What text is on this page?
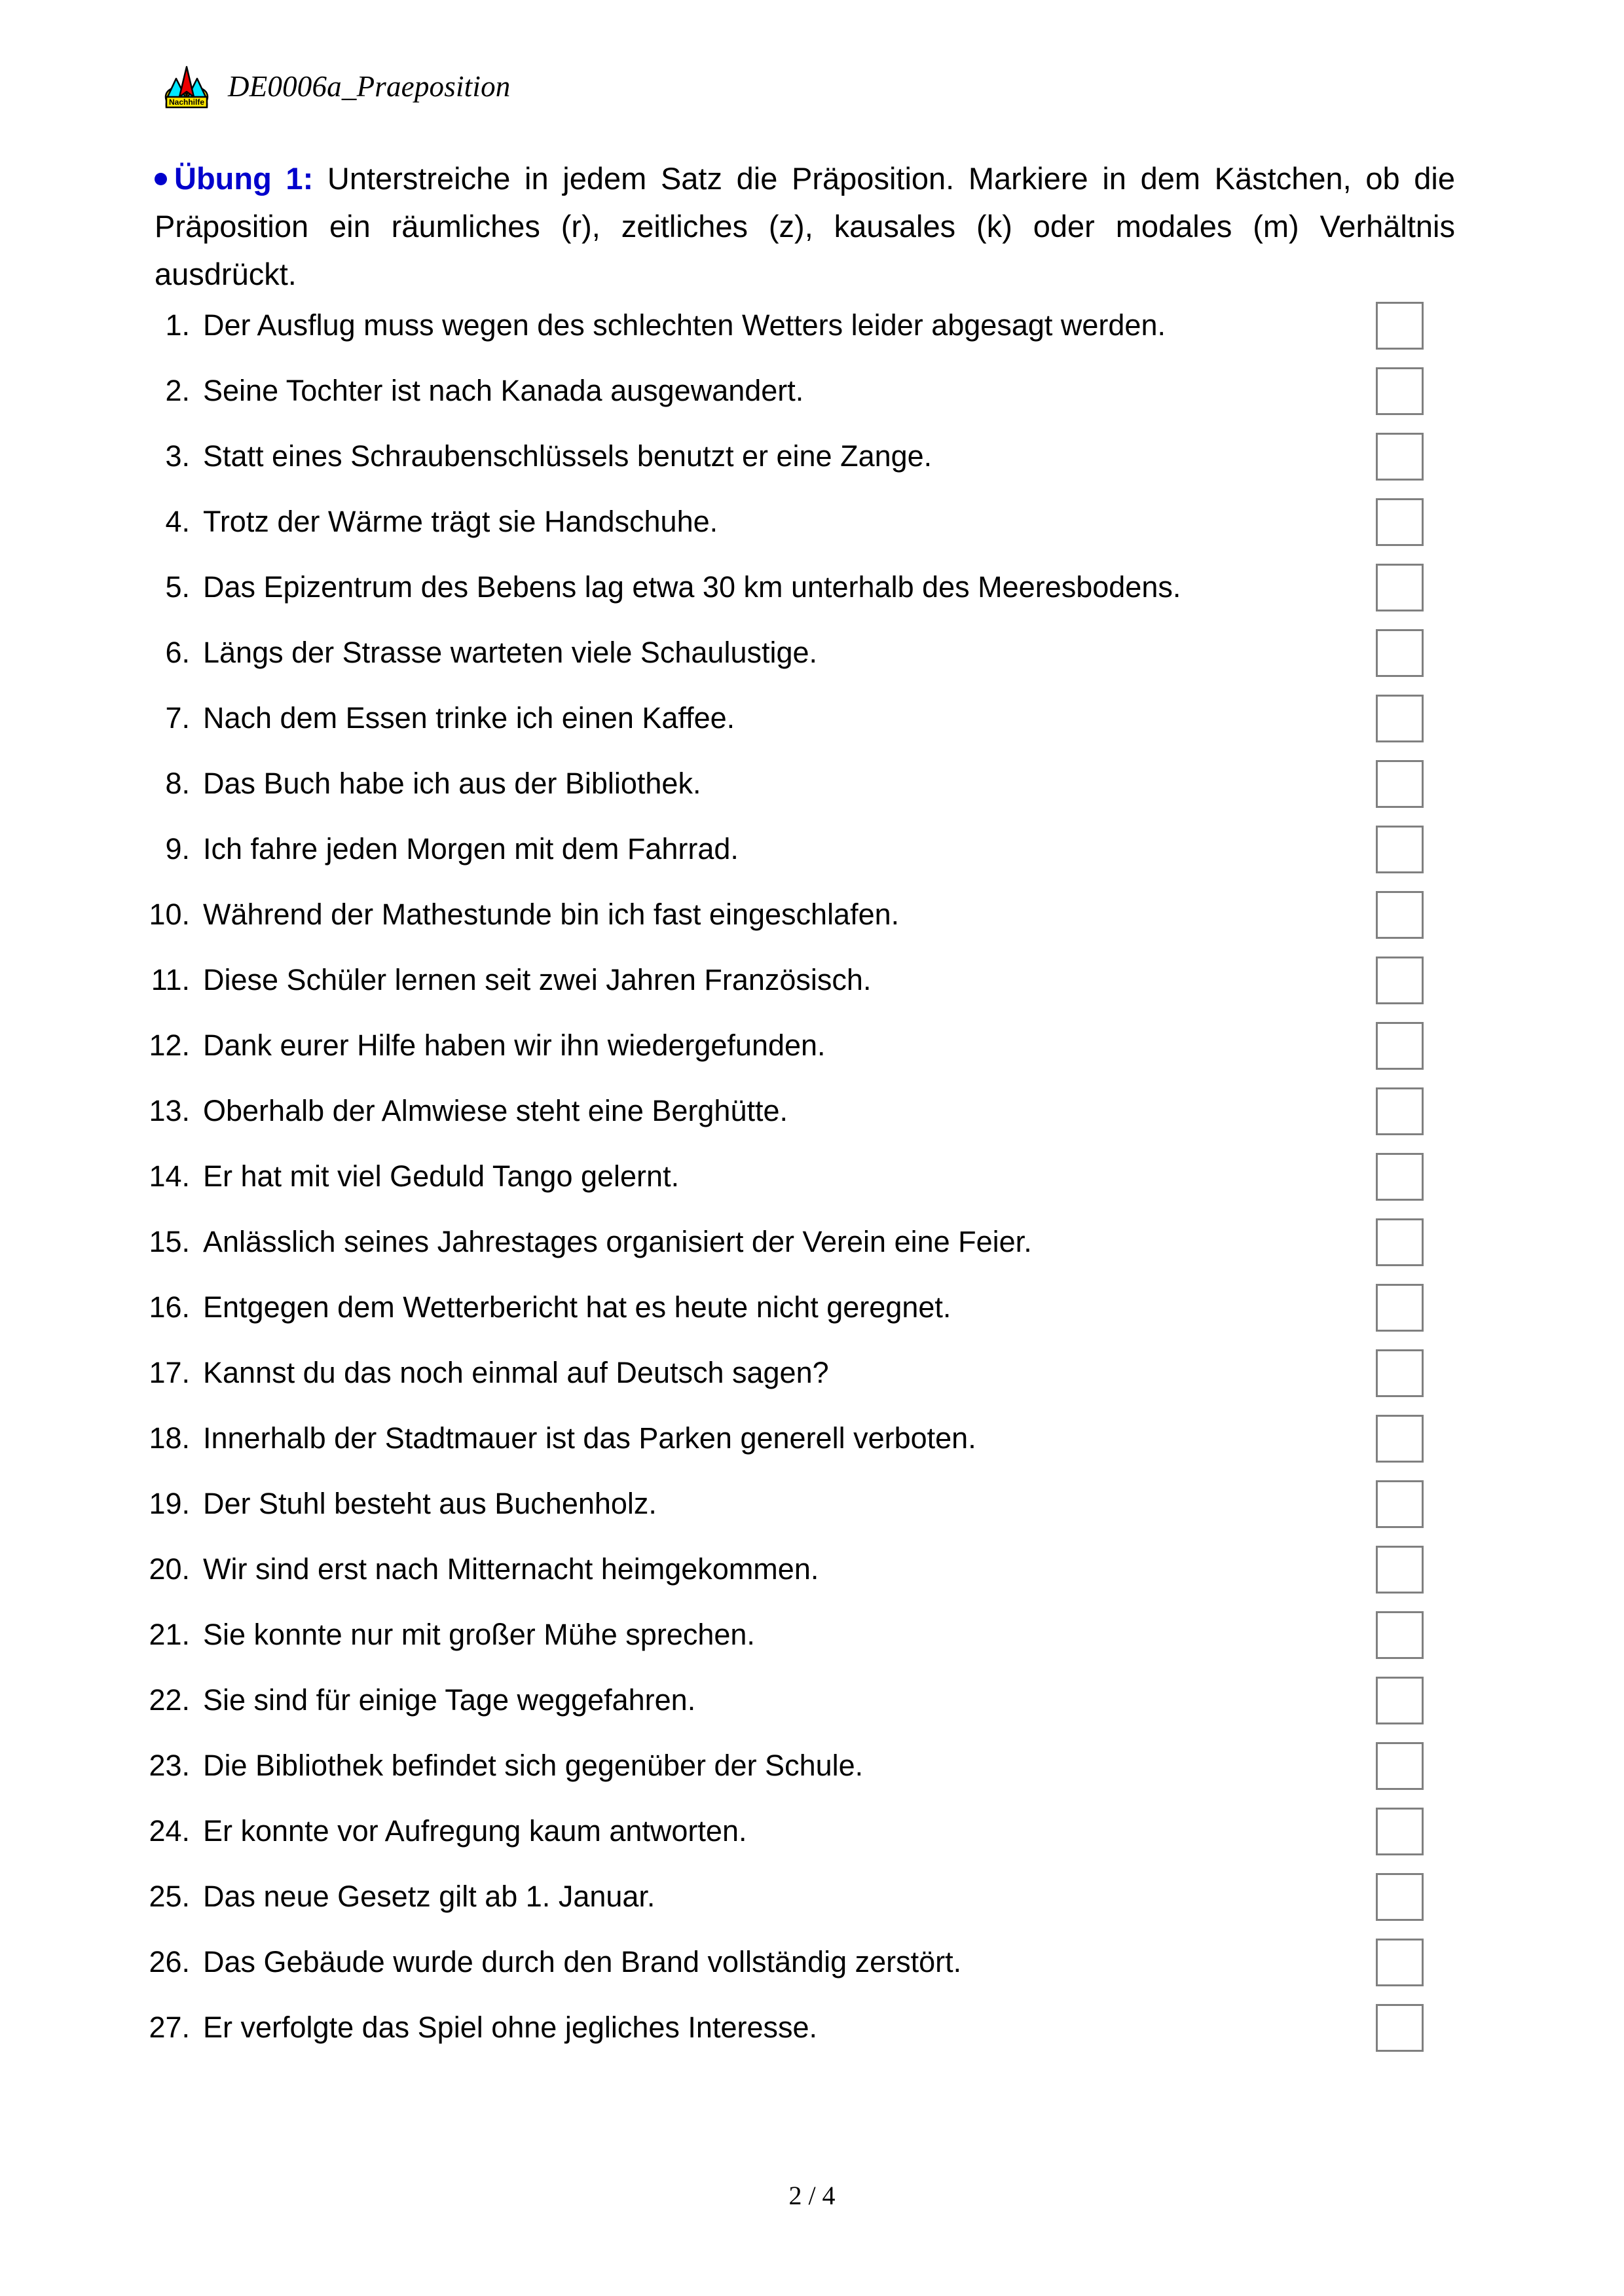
Nachhilfe DE0006a_Praeposition
Übung 1: Unterstreiche in jedem Satz die Präposition. Markiere in dem Kästchen, ob die Präposition ein räumliches (r), zeitliches (z), kausales (k) oder modales (m) Verhältnis ausdrückt.
1. Der Ausflug muss wegen des schlechten Wetters leider abgesagt werden.
2. Seine Tochter ist nach Kanada ausgewandert.
3. Statt eines Schraubenschlüssels benutzt er eine Zange.
4. Trotz der Wärme trägt sie Handschuhe.
5. Das Epizentrum des Bebens lag etwa 30 km unterhalb des Meeresbodens.
6. Längs der Strasse warteten viele Schaulustige.
7. Nach dem Essen trinke ich einen Kaffee.
8. Das Buch habe ich aus der Bibliothek.
9. Ich fahre jeden Morgen mit dem Fahrrad.
10. Während der Mathestunde bin ich fast eingeschlafen.
11. Diese Schüler lernen seit zwei Jahren Französisch.
12. Dank eurer Hilfe haben wir ihn wiedergefunden.
13. Oberhalb der Almwiese steht eine Berghütte.
14. Er hat mit viel Geduld Tango gelernt.
15. Anlässlich seines Jahrestages organisiert der Verein eine Feier.
16. Entgegen dem Wetterbericht hat es heute nicht geregnet.
17. Kannst du das noch einmal auf Deutsch sagen?
18. Innerhalb der Stadtmauer ist das Parken generell verboten.
19. Der Stuhl besteht aus Buchenholz.
20. Wir sind erst nach Mitternacht heimgekommen.
21. Sie konnte nur mit großer Mühe sprechen.
22. Sie sind für einige Tage weggefahren.
23. Die Bibliothek befindet sich gegenüber der Schule.
24. Er konnte vor Aufregung kaum antworten.
25. Das neue Gesetz gilt ab 1. Januar.
26. Das Gebäude wurde durch den Brand vollständig zerstört.
27. Er verfolgte das Spiel ohne jegliches Interesse.
2 / 4
